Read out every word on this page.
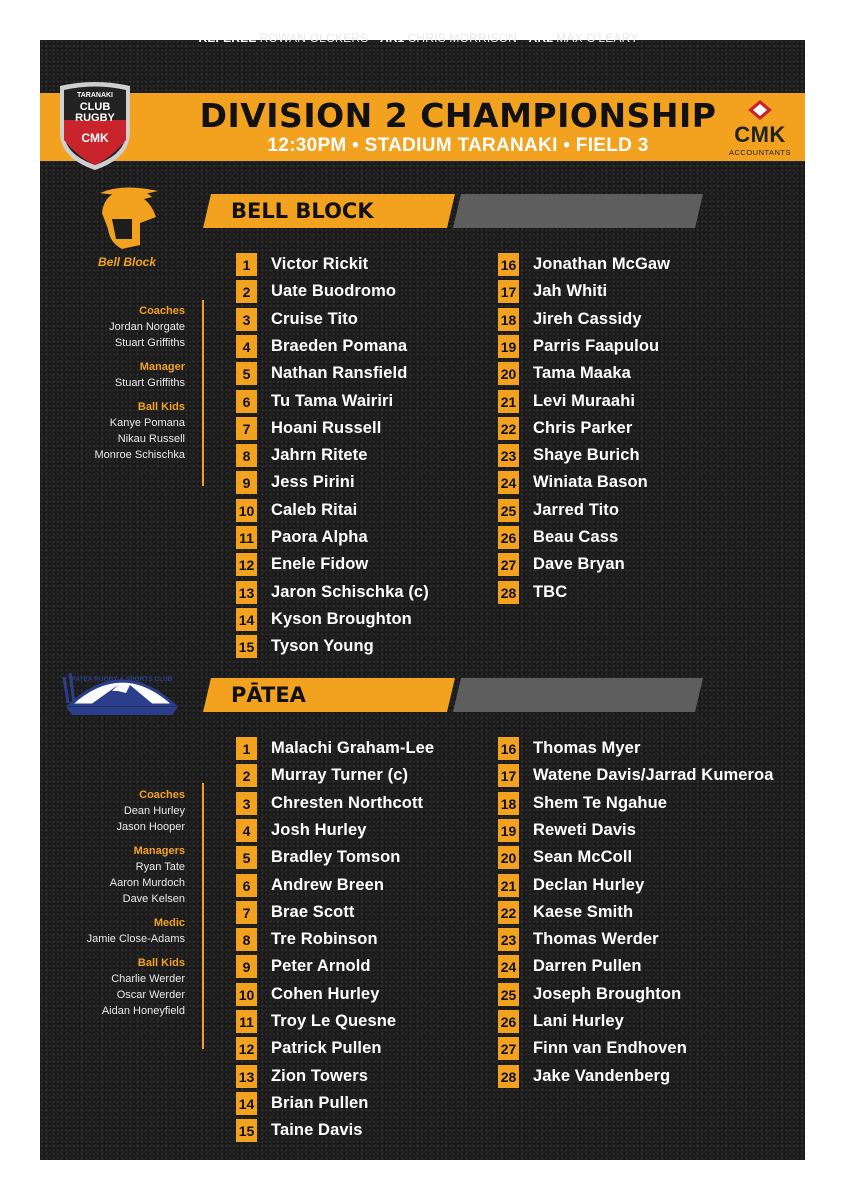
REFEREE ROWAN OLCKERS AR1 CHRIS MORRISON AR2 MAX O'LEARY
DIVISION 2 CHAMPIONSHIP
12:30PM • STADIUM TARANAKI • FIELD 3
TARANAKI
CLUB
RUGBY
CMK	CMK
ACCOUNTANTS
Bell Block
BELL BLOCK
Coaches
Jordan Norgate
Stuart Griffiths
Manager
Stuart Griffiths
Ball Kids
Kanye Pomana
Nikau Russell
Monroe Schischka
1	Victor Rickit
2	Uate Buodromo
3	Cruise Tito
4	Braeden Pomana
5	Nathan Ransfield
6	Tu Tama Wairiri
7	Hoani Russell
8	Jahrn Ritete
9	Jess Pirini
10 Caleb Ritai
11 Paora Alpha
12 Enele Fidow
13 Jaron Schischka (c)
14 Kyson Broughton
15 Tyson Young
16 Jonathan McGaw
17 Jah Whiti
18 Jireh Cassidy
19 Parris Faapulou
20 Tama Maaka
21 Levi Muraahi
22 Chris Parker
23 Shaye Burich
24 Winiata Bason
25 Jarred Tito
26 Beau Cass
27 Dave Bryan
28 TBC
PATEA RUGBY & SPORTS CLUB
PĀTEA
Coaches
Dean Hurley
Jason Hooper
Managers
Ryan Tate
Aaron Murdoch
Dave Kelsen
Medic
Jamie Close-Adams
Ball Kids
Charlie Werder
Oscar Werder
Aidan Honeyfield
1	Malachi Graham-Lee
2	Murray Turner (c)
3	Chresten Northcott
4	Josh Hurley
5	Bradley Tomson
6	Andrew Breen
7	Brae Scott
8	Tre Robinson
9	Peter Arnold
10 Cohen Hurley
11 Troy Le Quesne
12 Patrick Pullen
13 Zion Towers
14 Brian Pullen
15 Taine Davis
16 Thomas Myer
17 Watene Davis/Jarrad Kumeroa
18 Shem Te Ngahue
19 Reweti Davis
20 Sean McColl
21 Declan Hurley
22 Kaese Smith
23 Thomas Werder
24 Darren Pullen
25 Joseph Broughton
26 Lani Hurley
27 Finn van Endhoven
28 Jake Vandenberg
